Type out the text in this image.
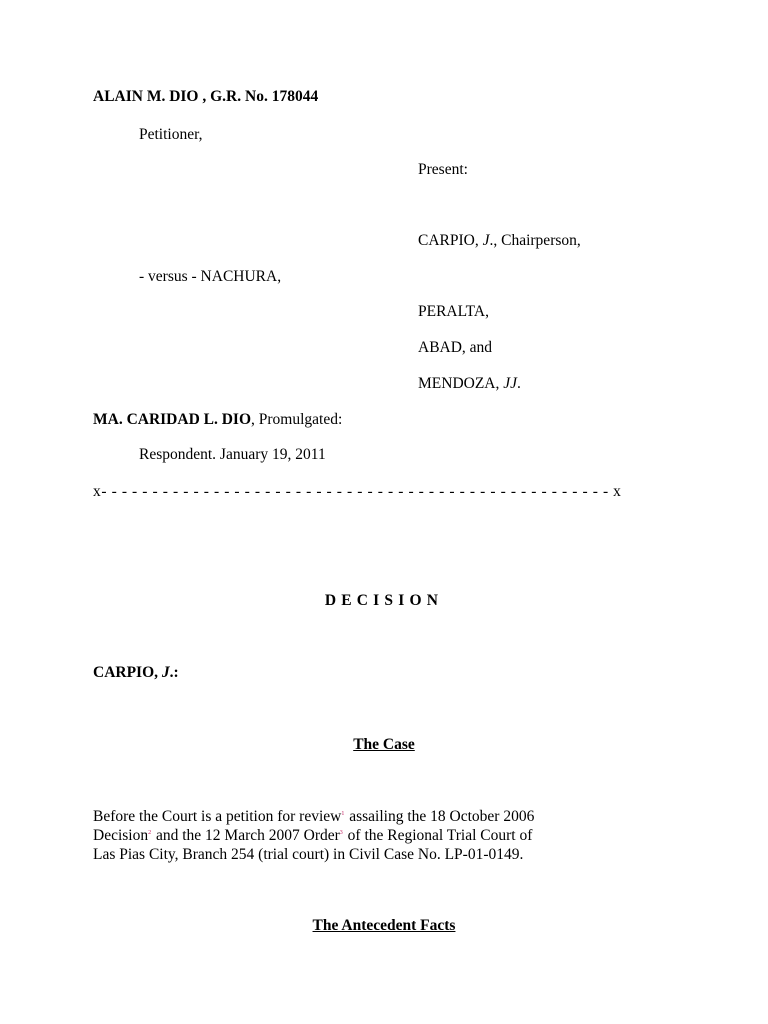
ALAIN M. DIO , G.R. No. 178044
Petitioner,
Present:
CARPIO, J., Chairperson,
- versus - NACHURA,
PERALTA,
ABAD, and
MENDOZA, JJ.
MA. CARIDAD L. DIO, Promulgated:
Respondent. January 19, 2011
x- - - - - - - - - - - - - - - - - - - - - - - - - - - - - - - - - - - - - - - - - - - - - - - - - - x
DECISION
CARPIO, J.:
The Case
Before the Court is a petition for review$^1$ assailing the 18 October 2006
Decision$^2$ and the 12 March 2007 Order$^3$ of the Regional Trial Court of
Las Pias City, Branch 254 (trial court) in Civil Case No. LP-01-0149.
The Antecedent Facts
